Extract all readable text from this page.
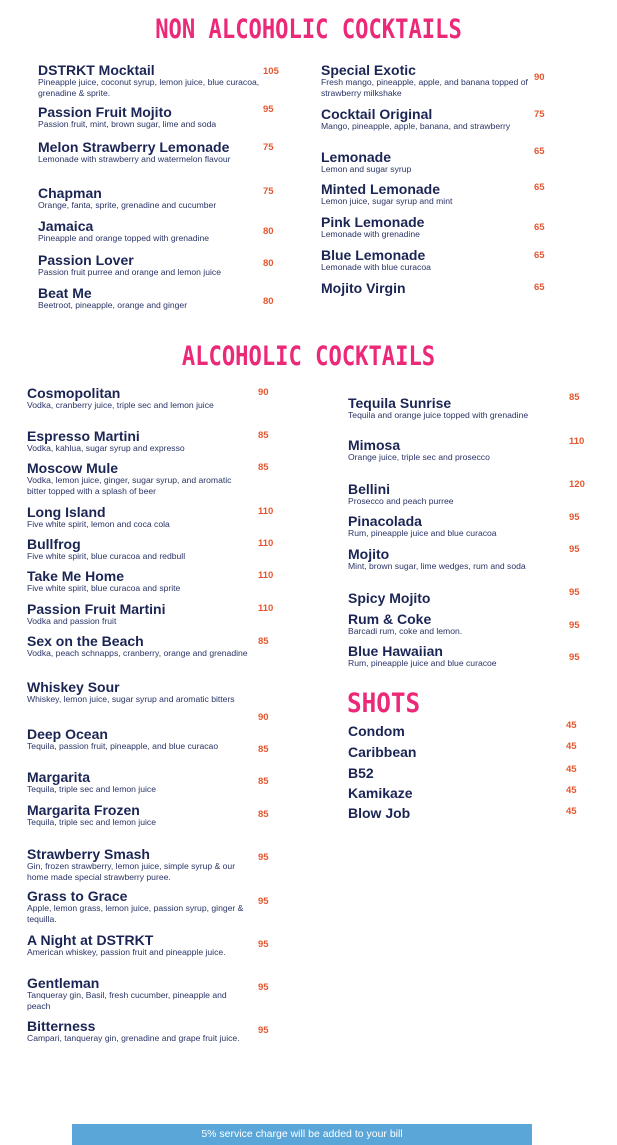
NON ALCOHOLIC COCKTAILS
ALCOHOLIC COCKTAILS
SHOTS
DSTRKT Mocktail
Pineapple juice, coconut syrup, lemon juice, blue curacoa, grenadine & sprite.
105
Passion Fruit Mojito
Passion fruit, mint, brown sugar, lime and soda
95
Melon Strawberry Lemonade
Lemonade with strawberry and watermelon flavour
75
Chapman
Orange, fanta, sprite, grenadine and cucumber
75
Jamaica
Pineapple and orange topped with grenadine
80
Passion Lover
Passion fruit purree and orange and lemon juice
80
Beat Me
Beetroot, pineapple, orange and ginger	80
Special Exotic
Fresh mango, pineapple, apple, and banana topped of strawberry milkshake
90
Cocktail Original
Mango, pineapple, apple, banana, and strawberry
75
Lemonade
Lemon and sugar syrup
65
Minted Lemonade
Lemon juice, sugar syrup and mint
65
Pink Lemonade
Lemonade with grenadine
65
Blue Lemonade
Lemonade with blue curacoa
65
Mojito Virgin	65
Cosmopolitan
Vodka, cranberry juice, triple sec and lemon juice
90
Espresso Martini
Vodka, kahlua, sugar syrup and expresso
85
Moscow Mule
Vodka, lemon juice, ginger, sugar syrup, and aromatic bitter topped with a splash of beer
85
Long Island
Five white spirit, lemon and coca cola
110
Bullfrog
Five white spirit, blue curacoa and redbull
110
Take Me Home
Five white spirit, blue curacoa and sprite
110
Passion Fruit Martini
Vodka and passion fruit
110
Sex on the Beach
Vodka, peach schnapps, cranberry, orange and grenadine
85
Whiskey Sour
Whiskey, lemon juice, sugar syrup and aromatic bitters
90
Deep Ocean
Tequila, passion fruit, pineapple, and blue curacao	85
Margarita
Tequila, triple sec and lemon juice
85
Margarita Frozen
Tequila, triple sec and lemon juice
85
Strawberry Smash
Gin, frozen strawberry, lemon juice, simple syrup & our home made special strawberry puree.
95
Grass to Grace
Apple, lemon grass, lemon juice, passion syrup, ginger & tequilla.
95
A Night at DSTRKT
American whiskey, passion fruit and pineapple juice.
95
Gentleman
Tanqueray gin, Basil, fresh cucumber, pineapple and peach
95
Bitterness
Campari, tanqueray gin, grenadine and grape fruit juice.
95
Tequila Sunrise
Tequila and orange juice topped with grenadine
85
Mimosa
Orange juice, triple sec and prosecco
110
Bellini
Prosecco and peach purree
120
Pinacolada
Rum, pineapple juice and blue curacoa
95
Mojito
Mint, brown sugar, lime wedges, rum and soda
95
Spicy Mojito	95
Rum & Coke
Barcadi rum, coke and lemon.	95
Blue Hawaiian
Rum, pineapple juice and blue curacoe	95
Condom	45
Caribbean	45
B52	45
Kamikaze	45
Blow Job	45
5% service charge will be added to your bill
